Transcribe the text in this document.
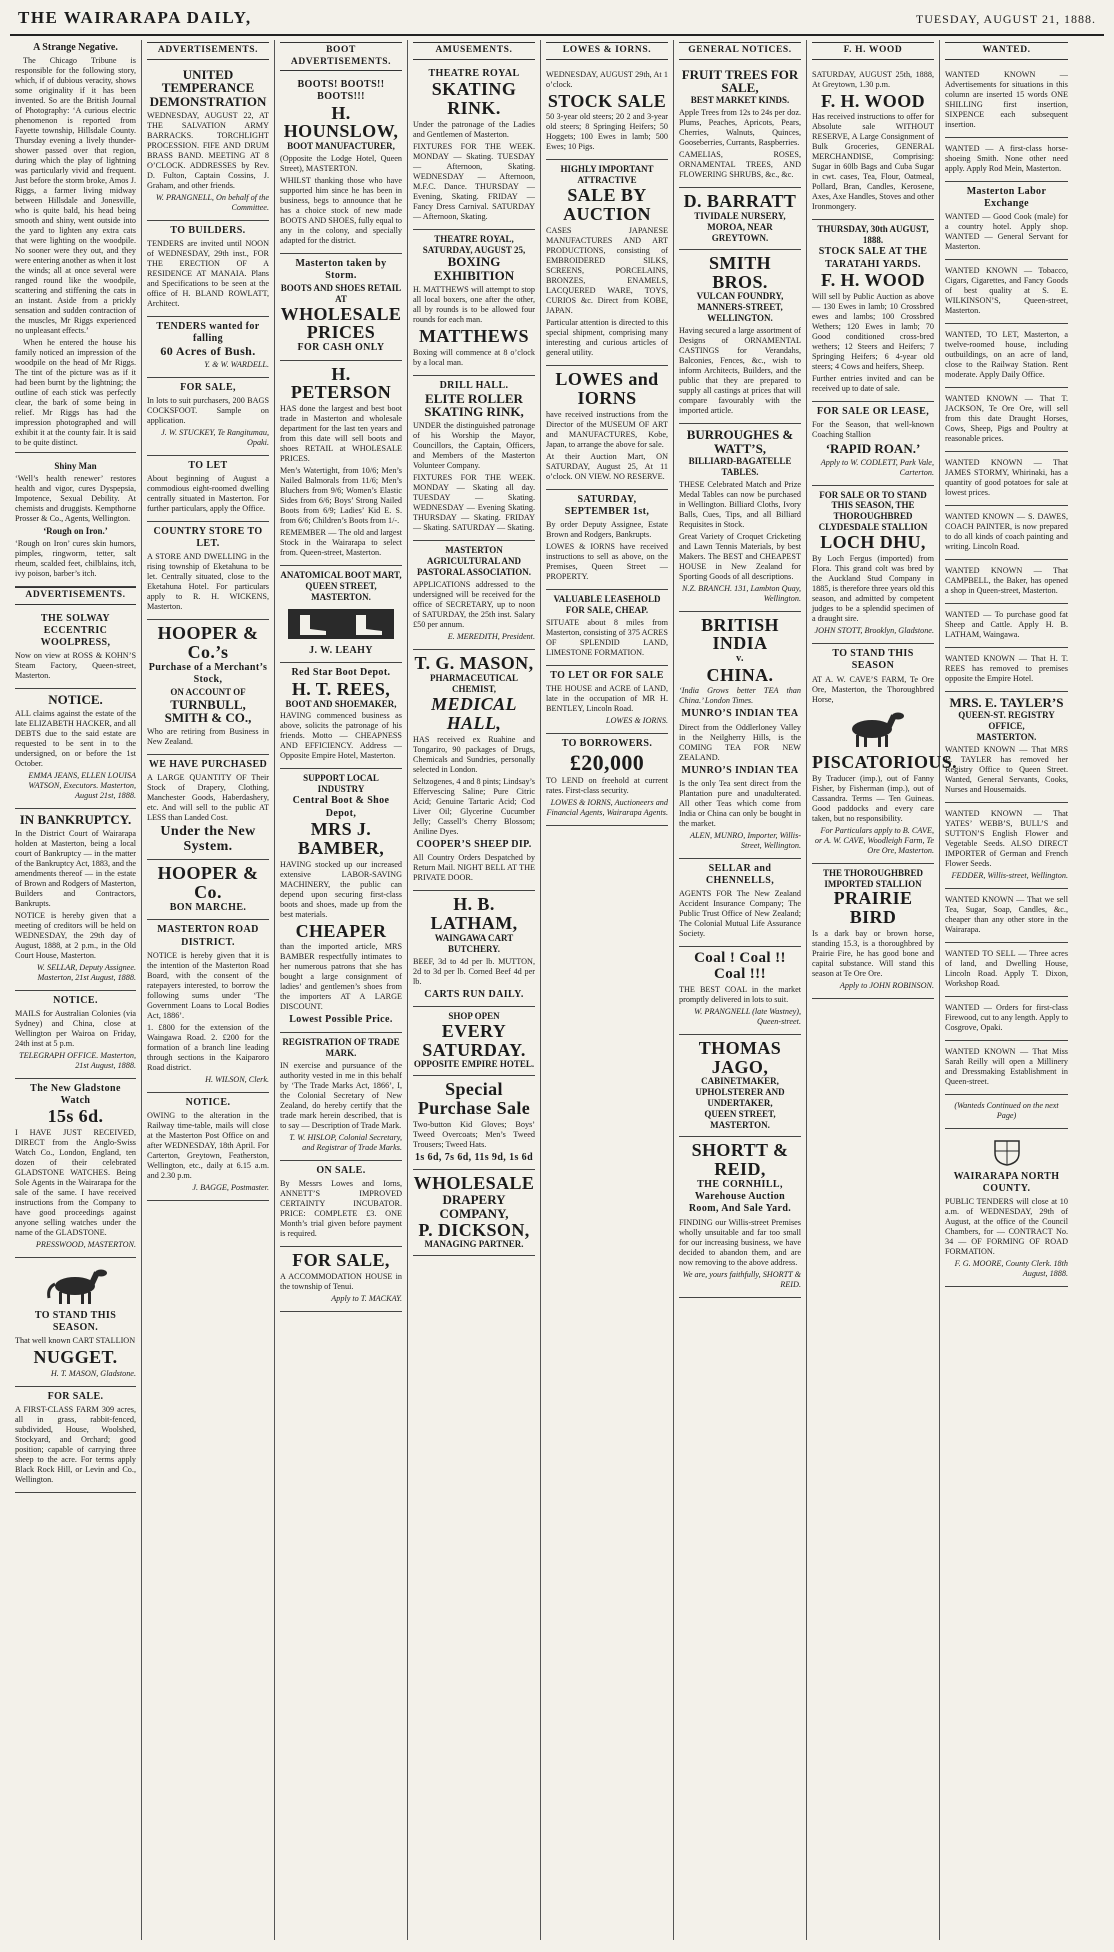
THE WAIRARAPA DAILY,	TUESDAY, AUGUST 21, 1888.
A Strange Negative.

The Chicago Tribune is responsible for the following story, which, if of dubious veracity, shows some originality if it has been invented. So are the British Journal of Photography: ‘A curious electric phenomenon is reported from Fayette township, Hillsdale County. Thursday evening a lively thunder-shower passed over that region, during which the play of lightning was particularly vivid and frequent. Just before the storm broke, Amos J. Riggs, a farmer living midway between Hillsdale and Jonesville, who is quite bald, his head being smooth and shiny, went outside into the yard to lighten any extra cats that were lighting on the woodpile. No sooner were they out, and they were entering another as when it lost the winds; all at once several were ranged round like the woodpile, scattering and stiffening the cats in an instant. Aside from a prickly sensation and sudden contraction of the muscles, Mr Riggs experienced no unpleasant effects.’

When he entered the house his family noticed an impression of the woodpile on the head of Mr Riggs. The tint of the picture was as if it had been burnt by the lightning; the outline of each stick was perfectly clear, the bark of some being in relief. Mr Riggs has had the impression photographed and will exhibit it at the county fair. It is said to be quite distinct.

Shiny Man

‘Well’s health renewer’ restores health and vigor, cures Dyspepsia, Impotence, Sexual Debility. At chemists and druggists. Kempthorne Prosser & Co., Agents, Wellington.

‘Rough on Iron.’

‘Rough on Iron’ cures skin humors, pimples, ringworm, tetter, salt rheum, scalded feet, chilblains, itch, ivy poison, barber’s itch.

ADVERTISEMENTS.
THE SOLWAY ECCENTRIC WOOLPRESS,

Now on view at ROSS & KOHN’S Steam Factory, Queen-street, Masterton.

NOTICE.

ALL claims against the estate of the late ELIZABETH HACKER, and all DEBTS due to the said estate are requested to be sent in to the undersigned, on or before the 1st October.

EMMA JEANS, ELLEN LOUISA WATSON, Executors. Masterton, August 21st, 1888.

IN BANKRUPTCY.

In the District Court of Wairarapa holden at Masterton, being a local court of Bankruptcy — in the matter of the Bankruptcy Act, 1883, and the amendments thereof — in the estate of Brown and Rodgers of Masterton, Builders and Contractors, Bankrupts.

NOTICE is hereby given that a meeting of creditors will be held on WEDNESDAY, the 29th day of August, 1888, at 2 p.m., in the Old Court House, Masterton.

W. SELLAR, Deputy Assignee. Masterton, 21st August, 1888.

NOTICE.

MAILS for Australian Colonies (via Sydney) and China, close at Wellington per Wairoa on Friday, 24th inst at 5 p.m.

TELEGRAPH OFFICE. Masterton, 21st August, 1888.

The New Gladstone Watch
15s 6d.

I HAVE JUST RECEIVED, DIRECT from the Anglo-Swiss Watch Co., London, England, ten dozen of their celebrated GLADSTONE WATCHES. Being Sole Agents in the Wairarapa for the sale of the same. I have received instructions from the Company to have good proceedings against anyone selling watches under the name of the GLADSTONE.

PRESSWOOD, MASTERTON.

TO STAND THIS SEASON.

That well known CART STALLION

NUGGET.

H. T. MASON, Gladstone.

FOR SALE.

A FIRST-CLASS FARM 309 acres, all in grass, rabbit-fenced, subdivided, House, Woolshed, Stockyard, and Orchard; good position; capable of carrying three sheep to the acre. For terms apply Black Rock Hill, or Levin and Co., Wellington.

ADVERTISEMENTS.
UNITED TEMPERANCE DEMONSTRATION

WEDNESDAY, AUGUST 22, AT THE SALVATION ARMY BARRACKS. TORCHLIGHT PROCESSION. FIFE AND DRUM BRASS BAND. MEETING AT 8 O’CLOCK. ADDRESSES by Rev. D. Fulton, Captain Cossins, J. Graham, and other friends.

W. PRANGNELL, On behalf of the Committee.

TO BUILDERS.

TENDERS are invited until NOON of WEDNESDAY, 29th inst., FOR THE ERECTION OF A RESIDENCE AT MANAIA. Plans and Specifications to be seen at the office of H. BLAND ROWLATT, Architect.

TENDERS wanted for falling
60 Acres of Bush.

Y. & W. WARDELL.

FOR SALE,

In lots to suit purchasers, 200 BAGS COCKSFOOT. Sample on application.

J. W. STUCKEY, Te Rangitumau, Opaki.

TO LET

About beginning of August a commodious eight-roomed dwelling centrally situated in Masterton. For further particulars, apply the Office.

COUNTRY STORE TO LET.

A STORE AND DWELLING in the rising township of Eketahuna to be let. Centrally situated, close to the Eketahuna Hotel. For particulars apply to R. H. WICKENS, Masterton.

HOOPER & Co.’s
Purchase of a Merchant’s Stock,
ON ACCOUNT OF
TURNBULL, SMITH & CO.,

Who are retiring from Business in New Zealand.

WE HAVE PURCHASED

A LARGE QUANTITY OF Their Stock of Drapery, Clothing, Manchester Goods, Haberdashery, etc. And will sell to the public AT LESS than Landed Cost.

Under the New System.
HOOPER & Co.
BON MARCHE.
MASTERTON ROAD DISTRICT.

NOTICE is hereby given that it is the intention of the Masterton Road Board, with the consent of the ratepayers interested, to borrow the following sums under ‘The Government Loans to Local Bodies Act, 1886’.

1. £800 for the extension of the Waingawa Road. 2. £200 for the formation of a branch line leading through sections in the Kaiparoro Road district.

H. WILSON, Clerk.

NOTICE.

OWING to the alteration in the Railway time-table, mails will close at the Masterton Post Office on and after WEDNESDAY, 18th April. For Carterton, Greytown, Featherston, Wellington, etc., daily at 6.15 a.m. and 2.30 p.m.

J. BAGGE, Postmaster.

BOOT ADVERTISEMENTS.
BOOTS! BOOTS!! BOOTS!!!
H. HOUNSLOW,
BOOT MANUFACTURER,

(Opposite the Lodge Hotel, Queen Street), MASTERTON.

WHILST thanking those who have supported him since he has been in business, begs to announce that he has a choice stock of new made BOOTS AND SHOES, fully equal to any in the colony, and specially adapted for the district.

Masterton taken by Storm.
BOOTS AND SHOES RETAIL AT
WHOLESALE PRICES
FOR CASH ONLY
H. PETERSON

HAS done the largest and best boot trade in Masterton and wholesale department for the last ten years and from this date will sell boots and shoes RETAIL at WHOLESALE PRICES.

Men’s Watertight, from 10/6; Men’s Nailed Balmorals from 11/6; Men’s Bluchers from 9/6; Women’s Elastic Sides from 6/6; Boys’ Strong Nailed Boots from 6/9; Ladies’ Kid E. S. from 6/6; Children’s Boots from 1/-.

REMEMBER — The old and largest Stock in the Wairarapa to select from. Queen-street, Masterton.

ANATOMICAL BOOT MART, QUEEN STREET, MASTERTON.
J. W. LEAHY
Red Star Boot Depot.
H. T. REES,
BOOT AND SHOEMAKER,

HAVING commenced business as above, solicits the patronage of his friends. Motto — CHEAPNESS AND EFFICIENCY. Address — Opposite Empire Hotel, Masterton.

SUPPORT LOCAL INDUSTRY
Central Boot & Shoe Depot,
MRS J. BAMBER,

HAVING stocked up our increased extensive LABOR-SAVING MACHINERY, the public can depend upon securing first-class boots and shoes, made up from the best materials.

CHEAPER

than the imported article, MRS BAMBER respectfully intimates to her numerous patrons that she has bought a large consignment of ladies’ and gentlemen’s shoes from the importers AT A LARGE DISCOUNT.

Lowest Possible Price.
REGISTRATION OF TRADE MARK.

IN exercise and pursuance of the authority vested in me in this behalf by ‘The Trade Marks Act, 1866’, I, the Colonial Secretary of New Zealand, do hereby certify that the trade mark herein described, that is to say — Description of Trade Mark.

T. W. HISLOP, Colonial Secretary, and Registrar of Trade Marks.

ON SALE.

By Messrs Lowes and Iorns, ANNETT’S IMPROVED CERTAINTY INCUBATOR. PRICE: COMPLETE £3. ONE Month’s trial given before payment is required.

FOR SALE,

A ACCOMMODATION HOUSE in the township of Tenui.

Apply to T. MACKAY.

AMUSEMENTS.
THEATRE ROYAL
SKATING RINK.

Under the patronage of the Ladies and Gentlemen of Masterton.

FIXTURES FOR THE WEEK. MONDAY — Skating. TUESDAY — Afternoon, Skating. WEDNESDAY — Afternoon, M.F.C. Dance. THURSDAY — Evening, Skating. FRIDAY — Fancy Dress Carnival. SATURDAY — Afternoon, Skating.

THEATRE ROYAL, SATURDAY, AUGUST 25,
BOXING EXHIBITION

H. MATTHEWS will attempt to stop all local boxers, one after the other, all by rounds is to be allowed four rounds for each man.

MATTHEWS

Boxing will commence at 8 o’clock by a local man.

DRILL HALL.
ELITE ROLLER SKATING RINK,

UNDER the distinguished patronage of his Worship the Mayor, Councillors, the Captain, Officers, and Members of the Masterton Volunteer Company.

FIXTURES FOR THE WEEK. MONDAY — Skating all day. TUESDAY — Skating. WEDNESDAY — Evening Skating. THURSDAY — Skating. FRIDAY — Skating. SATURDAY — Skating.

MASTERTON AGRICULTURAL AND PASTORAL ASSOCIATION.

APPLICATIONS addressed to the undersigned will be received for the office of SECRETARY, up to noon of SATURDAY, the 25th inst. Salary £50 per annum.

E. MEREDITH, President.

T. G. MASON,
PHARMACEUTICAL CHEMIST,
MEDICAL HALL,

HAS received ex Ruahine and Tongariro, 90 packages of Drugs, Chemicals and Sundries, personally selected in London.

Seltzogenes, 4 and 8 pints; Lindsay’s Effervescing Saline; Pure Citric Acid; Genuine Tartaric Acid; Cod Liver Oil; Glycerine Cucumber Jelly; Cassell’s Cherry Blossom; Aniline Dyes.

COOPER’S SHEEP DIP.

All Country Orders Despatched by Return Mail. NIGHT BELL AT THE PRIVATE DOOR.

H. B. LATHAM,
WAINGAWA CART BUTCHERY.

BEEF, 3d to 4d per lb. MUTTON, 2d to 3d per lb. Corned Beef 4d per lb.

CARTS RUN DAILY.
SHOP OPEN
EVERY SATURDAY.
OPPOSITE EMPIRE HOTEL.
Special Purchase Sale

Two-button Kid Gloves; Boys’ Tweed Overcoats; Men’s Tweed Trousers; Tweed Hats.

1s 6d, 7s 6d, 11s 9d, 1s 6d
WHOLESALE
DRAPERY COMPANY,
P. DICKSON,
MANAGING PARTNER.
LOWES & IORNS.

WEDNESDAY, AUGUST 29th, At 1 o’clock.

STOCK SALE

50 3-year old steers; 20 2 and 3-year old steers; 8 Springing Heifers; 50 Hoggets; 100 Ewes in lamb; 500 Ewes; 10 Pigs.

HIGHLY IMPORTANT ATTRACTIVE
SALE BY AUCTION

CASES JAPANESE MANUFACTURES AND ART PRODUCTIONS, consisting of EMBROIDERED SILKS, SCREENS, PORCELAINS, BRONZES, ENAMELS, LACQUERED WARE, TOYS, CURIOS &c. Direct from KOBE, JAPAN.

Particular attention is directed to this special shipment, comprising many interesting and curious articles of general utility.

LOWES and IORNS

have received instructions from the Director of the MUSEUM OF ART and MANUFACTURES, Kobe, Japan, to arrange the above for sale.

At their Auction Mart, ON SATURDAY, August 25, At 11 o’clock. ON VIEW. NO RESERVE.

SATURDAY, SEPTEMBER 1st,

By order Deputy Assignee, Estate Brown and Rodgers, Bankrupts.

LOWES & IORNS have received instructions to sell as above, on the Premises, Queen Street — PROPERTY.

VALUABLE LEASEHOLD FOR SALE, CHEAP.

SITUATE about 8 miles from Masterton, consisting of 375 ACRES OF SPLENDID LAND, LIMESTONE FORMATION.

TO LET OR FOR SALE

THE HOUSE and ACRE of LAND, late in the occupation of MR H. BENTLEY, Lincoln Road.

LOWES & IORNS.

TO BORROWERS.
£20,000

TO LEND on freehold at current rates. First-class security.

LOWES & IORNS, Auctioneers and Financial Agents, Wairarapa Agents.

GENERAL NOTICES.
FRUIT TREES FOR SALE,
BEST MARKET KINDS.

Apple Trees from 12s to 24s per doz. Plums, Peaches, Apricots, Pears, Cherries, Walnuts, Quinces, Gooseberries, Currants, Raspberries.

CAMELIAS, ROSES, ORNAMENTAL TREES, AND FLOWERING SHRUBS, &c., &c.

D. BARRATT
TIVIDALE NURSERY, MOROA, NEAR GREYTOWN.
SMITH BROS.
VULCAN FOUNDRY, MANNERS-STREET, WELLINGTON.

Having secured a large assortment of Designs of ORNAMENTAL CASTINGS for Verandahs, Balconies, Fences, &c., wish to inform Architects, Builders, and the public that they are prepared to supply all castings at prices that will compare favourably with the imported article.

BURROUGHES & WATT’S,
BILLIARD-BAGATELLE TABLES.

THESE Celebrated Match and Prize Medal Tables can now be purchased in Wellington. Billiard Cloths, Ivory Balls, Cues, Tips, and all Billiard Requisites in Stock.

Great Variety of Croquet Cricketing and Lawn Tennis Materials, by best Makers. The BEST and CHEAPEST HOUSE in New Zealand for Sporting Goods of all descriptions.

N.Z. BRANCH. 131, Lambton Quay, Wellington.

BRITISH INDIA
v.
CHINA.

‘India Grows better TEA than China.’ London Times.

MUNRO’S INDIAN TEA

Direct from the Oddlerloney Valley in the Neilgherry Hills, is the COMING TEA FOR NEW ZEALAND.

MUNRO’S INDIAN TEA

Is the only Tea sent direct from the Plantation pure and unadulterated. All other Teas which come from India or China can only be bought in the market.

ALEN, MUNRO, Importer, Willis-Street, Wellington.

SELLAR and CHENNELLS,

AGENTS FOR The New Zealand Accident Insurance Company; The Public Trust Office of New Zealand; The Colonial Mutual Life Assurance Society.

Coal ! Coal !! Coal !!!

THE BEST COAL in the market promptly delivered in lots to suit.

W. PRANGNELL (late Wastney), Queen-street.

THOMAS JAGO,
CABINETMAKER, UPHOLSTERER AND UNDERTAKER,
QUEEN STREET, MASTERTON.
SHORTT & REID,
THE CORNHILL, Warehouse Auction Room, And Sale Yard.

FINDING our Willis-street Premises wholly unsuitable and far too small for our increasing business, we have decided to abandon them, and are now removing to the above address.

We are, yours faithfully, SHORTT & REID.

F. H. WOOD

SATURDAY, AUGUST 25th, 1888, At Greytown, 1.30 p.m.

F. H. WOOD

Has received instructions to offer for Absolute sale WITHOUT RESERVE, A Large Consignment of Bulk Groceries, GENERAL MERCHANDISE, Comprising: Sugar in 60lb Bags and Cuba Sugar in cwt. cases, Tea, Flour, Oatmeal, Pollard, Bran, Candles, Kerosene, Axes, Axe Handles, Stoves and other Ironmongery.

THURSDAY, 30th AUGUST, 1888.
STOCK SALE AT THE TARATAHI YARDS.
F. H. WOOD

Will sell by Public Auction as above — 130 Ewes in lamb; 10 Crossbred ewes and lambs; 100 Crossbred Wethers; 120 Ewes in lamb; 70 Good conditioned cross-bred wethers; 12 Steers and Heifers; 7 Springing Heifers; 6 4-year old steers; 4 Cows and heifers, Sheep.

Further entries invited and can be received up to date of sale.

FOR SALE OR LEASE,

For the Season, that well-known Coaching Stallion

‘RAPID ROAN.’

Apply to W. CODLETT, Park Vale, Carterton.

FOR SALE OR TO STAND THIS SEASON, THE THOROUGHBRED CLYDESDALE STALLION
LOCH DHU,

By Loch Fergus (imported) from Flora. This grand colt was bred by the Auckland Stud Company in 1885, is therefore three years old this season, and admitted by competent judges to be a splendid specimen of a draught sire.

JOHN STOTT, Brooklyn, Gladstone.

TO STAND THIS SEASON

AT A. W. CAVE’S FARM, Te Ore Ore, Masterton, the Thoroughbred Horse,

PISCATORIOUS.

By Traducer (imp.), out of Fanny Fisher, by Fisherman (imp.), out of Cassandra. Terms — Ten Guineas. Good paddocks and every care taken, but no responsibility.

For Particulars apply to B. CAVE, or A. W. CAVE, Woodleigh Farm, Te Ore Ore, Masterton.

THE THOROUGHBRED IMPORTED STALLION
PRAIRIE BIRD

Is a dark bay or brown horse, standing 15.3, is a thoroughbred by Prairie Fire, he has good bone and capital substance. Will stand this season at Te Ore Ore.

Apply to JOHN ROBINSON.

WANTED.

WANTED KNOWN — Advertisements for situations in this column are inserted 15 words ONE SHILLING first insertion, SIXPENCE each subsequent insertion.

WANTED — A first-class horse-shoeing Smith. None other need apply. Apply Rod Mein, Masterton.

Masterton Labor Exchange

WANTED — Good Cook (male) for a country hotel. Apply shop. WANTED — General Servant for Masterton.

WANTED KNOWN — Tobacco, Cigars, Cigarettes, and Fancy Goods of best quality at S. E. WILKINSON’S, Queen-street, Masterton.

WANTED, TO LET, Masterton, a twelve-roomed house, including outbuildings, on an acre of land, close to the Railway Station. Rent moderate. Apply Daily Office.

WANTED KNOWN — That T. JACKSON, Te Ore Ore, will sell from this date Draught Horses, Cows, Sheep, Pigs and Poultry at reasonable prices.

WANTED KNOWN — That JAMES STORMY, Whirinaki, has a quantity of good potatoes for sale at lowest prices.

WANTED KNOWN — S. DAWES, COACH PAINTER, is now prepared to do all kinds of coach painting and writing. Lincoln Road.

WANTED KNOWN — That CAMPBELL, the Baker, has opened a shop in Queen-street, Masterton.

WANTED — To purchase good fat Sheep and Cattle. Apply H. B. LATHAM, Waingawa.

WANTED KNOWN — That H. T. REES has removed to premises opposite the Empire Hotel.

MRS. E. TAYLER’S
QUEEN-ST. REGISTRY OFFICE,
MASTERTON.

WANTED KNOWN — That MRS E. TAYLER has removed her Registry Office to Queen Street. Wanted, General Servants, Cooks, Nurses and Housemaids.

WANTED KNOWN — That YATES’ WEBB’S, BULL’S and SUTTON’S English Flower and Vegetable Seeds. ALSO DIRECT IMPORTER of German and French Flower Seeds.

FEDDER, Willis-street, Wellington.

WANTED KNOWN — That we sell Tea, Sugar, Soap, Candles, &c., cheaper than any other store in the Wairarapa.

WANTED TO SELL — Three acres of land, and Dwelling House, Lincoln Road. Apply T. Dixon, Workshop Road.

WANTED — Orders for first-class Firewood, cut to any length. Apply to Cosgrove, Opaki.

WANTED KNOWN — That Miss Sarah Reilly will open a Millinery and Dressmaking Establishment in Queen-street.

(Wanteds Continued on the next Page)

WAIRARAPA NORTH COUNTY.

PUBLIC TENDERS will close at 10 a.m. of WEDNESDAY, 29th of August, at the office of the Council Chambers, for — CONTRACT No. 34 — OF FORMING OF ROAD FORMATION.

F. G. MOORE, County Clerk. 18th August, 1888.
